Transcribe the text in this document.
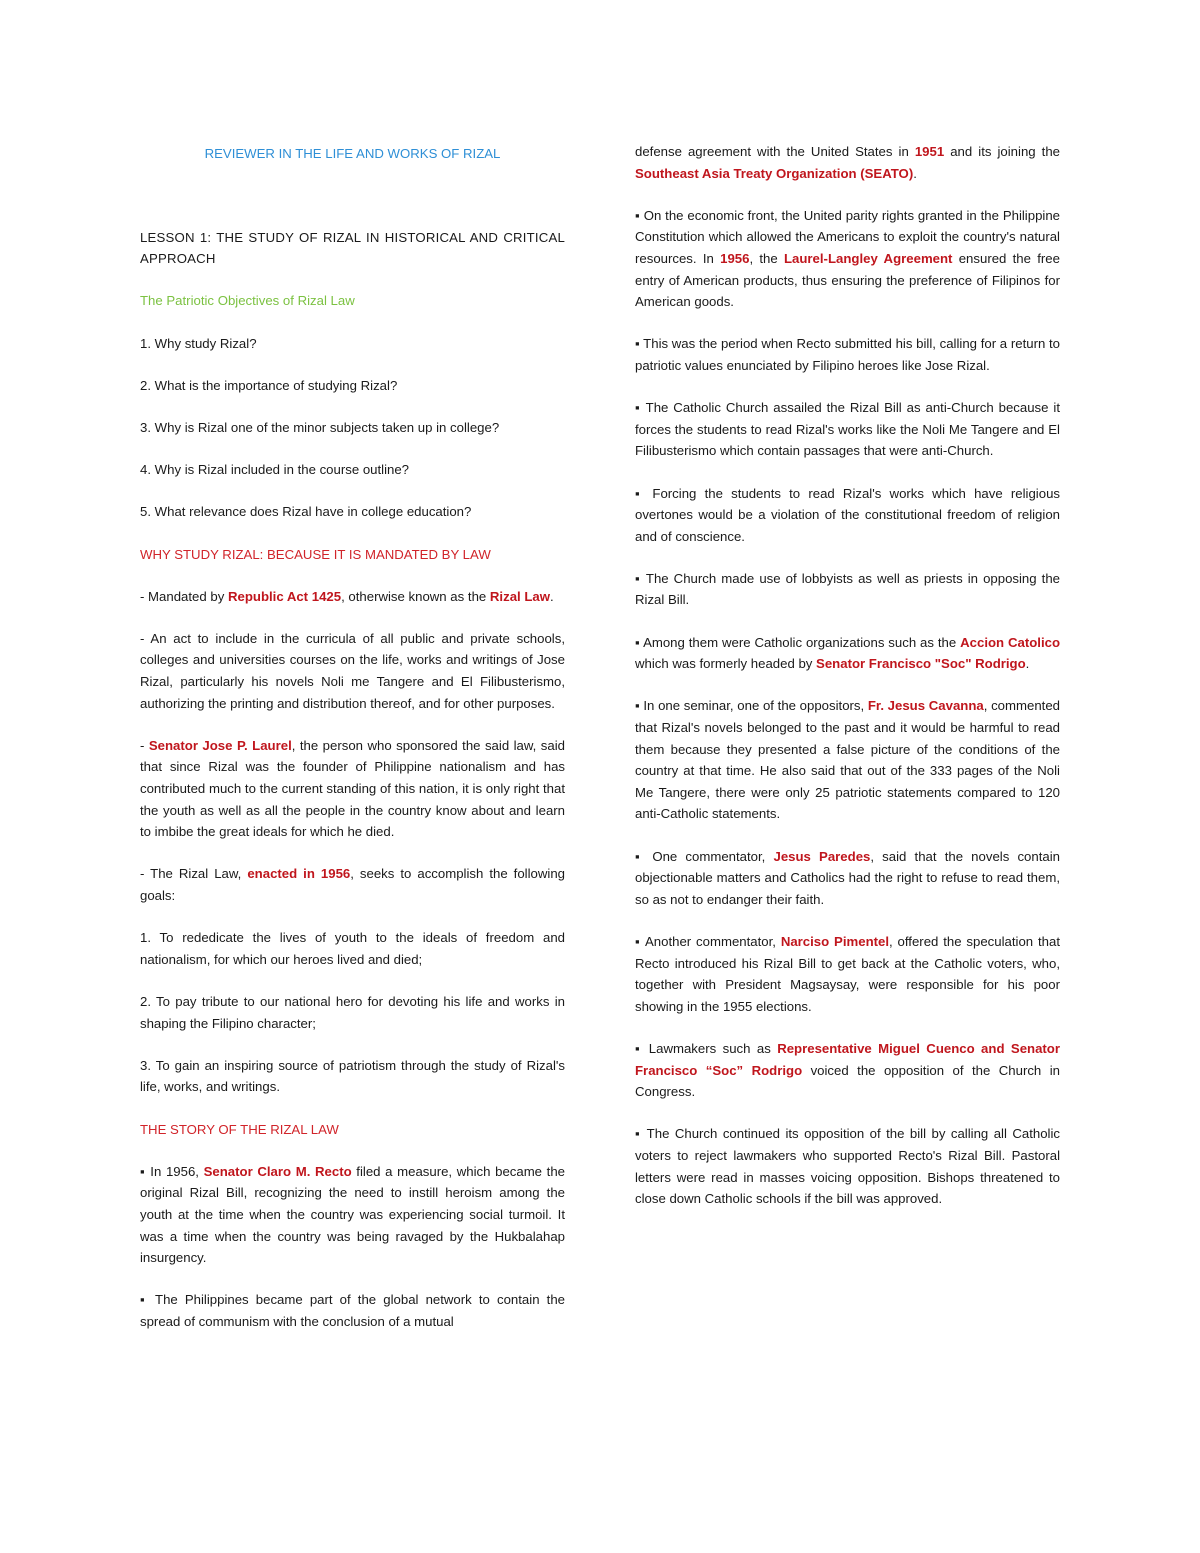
REVIEWER IN THE LIFE AND WORKS OF RIZAL

LESSON 1: THE STUDY OF RIZAL IN HISTORICAL AND CRITICAL APPROACH

The Patriotic Objectives of Rizal Law

1. Why study Rizal?

2. What is the importance of studying Rizal?

3. Why is Rizal one of the minor subjects taken up in college?

4. Why is Rizal included in the course outline?

5. What relevance does Rizal have in college education?

WHY STUDY RIZAL: BECAUSE IT IS MANDATED BY LAW

- Mandated by Republic Act 1425, otherwise known as the Rizal Law.

- An act to include in the curricula of all public and private schools, colleges and universities courses on the life, works and writings of Jose Rizal, particularly his novels Noli me Tangere and El Filibusterismo, authorizing the printing and distribution thereof, and for other purposes.

- Senator Jose P. Laurel, the person who sponsored the said law, said that since Rizal was the founder of Philippine nationalism and has contributed much to the current standing of this nation, it is only right that the youth as well as all the people in the country know about and learn to imbibe the great ideals for which he died.

- The Rizal Law, enacted in 1956, seeks to accomplish the following goals:

1. To rededicate the lives of youth to the ideals of freedom and nationalism, for which our heroes lived and died;

2. To pay tribute to our national hero for devoting his life and works in shaping the Filipino character;

3. To gain an inspiring source of patriotism through the study of Rizal's life, works, and writings.

THE STORY OF THE RIZAL LAW

▪ In 1956, Senator Claro M. Recto filed a measure, which became the original Rizal Bill, recognizing the need to instill heroism among the youth at the time when the country was experiencing social turmoil. It was a time when the country was being ravaged by the Hukbalahap insurgency.

▪ The Philippines became part of the global network to contain the spread of communism with the conclusion of a mutual

defense agreement with the United States in 1951 and its joining the Southeast Asia Treaty Organization (SEATO).

▪ On the economic front, the United parity rights granted in the Philippine Constitution which allowed the Americans to exploit the country's natural resources. In 1956, the Laurel-Langley Agreement ensured the free entry of American products, thus ensuring the preference of Filipinos for American goods.

▪ This was the period when Recto submitted his bill, calling for a return to patriotic values enunciated by Filipino heroes like Jose Rizal.

▪ The Catholic Church assailed the Rizal Bill as anti-Church because it forces the students to read Rizal's works like the Noli Me Tangere and El Filibusterismo which contain passages that were anti-Church.

▪ Forcing the students to read Rizal's works which have religious overtones would be a violation of the constitutional freedom of religion and of conscience.

▪ The Church made use of lobbyists as well as priests in opposing the Rizal Bill.

▪ Among them were Catholic organizations such as the Accion Catolico which was formerly headed by Senator Francisco "Soc" Rodrigo.

▪ In one seminar, one of the oppositors, Fr. Jesus Cavanna, commented that Rizal's novels belonged to the past and it would be harmful to read them because they presented a false picture of the conditions of the country at that time. He also said that out of the 333 pages of the Noli Me Tangere, there were only 25 patriotic statements compared to 120 anti-Catholic statements.

▪ One commentator, Jesus Paredes, said that the novels contain objectionable matters and Catholics had the right to refuse to read them, so as not to endanger their faith.

▪ Another commentator, Narciso Pimentel, offered the speculation that Recto introduced his Rizal Bill to get back at the Catholic voters, who, together with President Magsaysay, were responsible for his poor showing in the 1955 elections.

▪ Lawmakers such as Representative Miguel Cuenco and Senator Francisco “Soc” Rodrigo voiced the opposition of the Church in Congress.

▪ The Church continued its opposition of the bill by calling all Catholic voters to reject lawmakers who supported Recto's Rizal Bill. Pastoral letters were read in masses voicing opposition. Bishops threatened to close down Catholic schools if the bill was approved.
